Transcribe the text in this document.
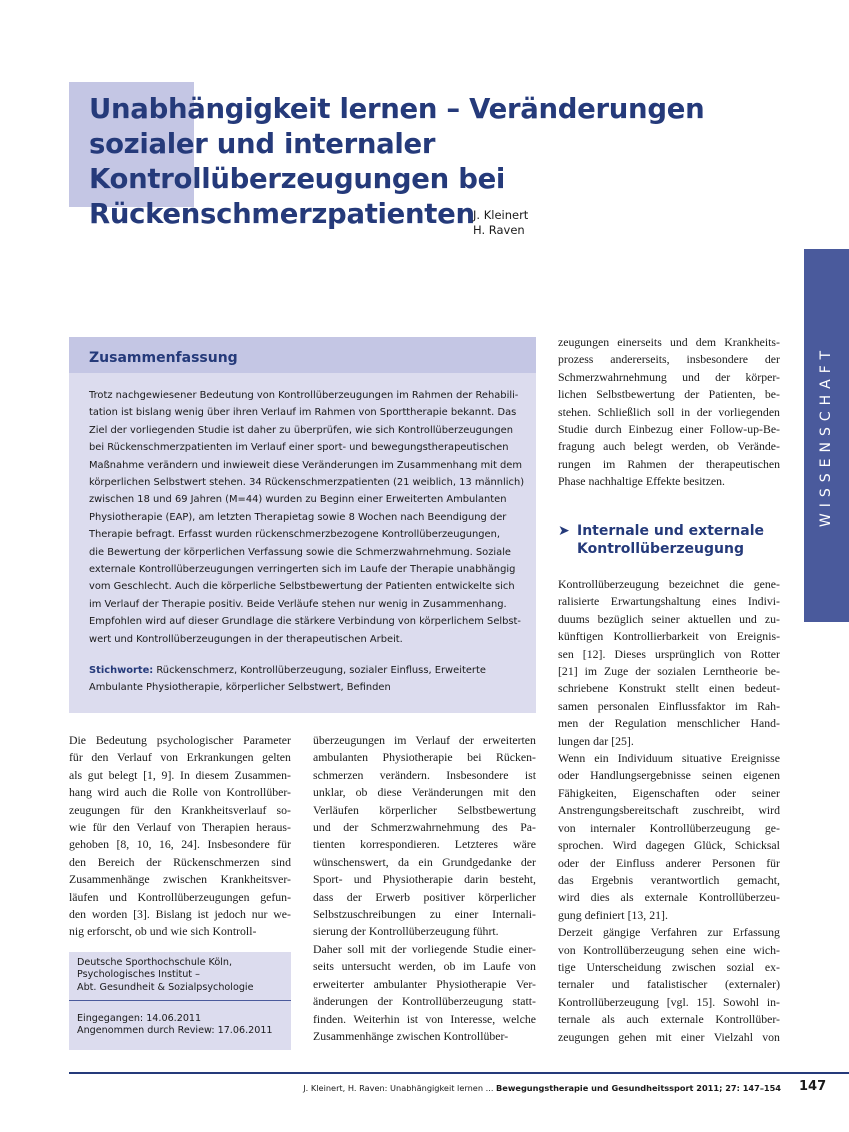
Unabhängigkeit lernen – Veränderungen sozialer und internaler Kontrollüberzeugungen bei Rückenschmerzpatienten
J. Kleinert
H. Raven
WISSENSCHAFT
Zusammenfassung
Trotz nachgewiesener Bedeutung von Kontrollüberzeugungen im Rahmen der Rehabili-
tation ist bislang wenig über ihren Verlauf im Rahmen von Sporttherapie bekannt. Das
Ziel der vorliegenden Studie ist daher zu überprüfen, wie sich Kontrollüberzeugungen
bei Rückenschmerzpatienten im Verlauf einer sport- und bewegungstherapeutischen
Maßnahme verändern und inwieweit diese Veränderungen im Zusammenhang mit dem
körperlichen Selbstwert stehen. 34 Rückenschmerzpatienten (21 weiblich, 13 männlich)
zwischen 18 und 69 Jahren (M=44) wurden zu Beginn einer Erweiterten Ambulanten
Physiotherapie (EAP), am letzten Therapietag sowie 8 Wochen nach Beendigung der
Therapie befragt. Erfasst wurden rückenschmerzbezogene Kontrollüberzeugungen,
die Bewertung der körperlichen Verfassung sowie die Schmerzwahrnehmung. Soziale
externale Kontrollüberzeugungen verringerten sich im Laufe der Therapie unabhängig
vom Geschlecht. Auch die körperliche Selbstbewertung der Patienten entwickelte sich
im Verlauf der Therapie positiv. Beide Verläufe stehen nur wenig in Zusammenhang.
Empfohlen wird auf dieser Grundlage die stärkere Verbindung von körperlichem Selbst-
wert und Kontrollüberzeugungen in der therapeutischen Arbeit.
Stichworte: Rückenschmerz, Kontrollüberzeugung, sozialer Einfluss, Erweiterte
Ambulante Physiotherapie, körperlicher Selbstwert, Befinden
Die Bedeutung psychologischer Parameter
für den Verlauf von Erkrankungen gelten
als gut belegt [1, 9]. In diesem Zusammen-
hang wird auch die Rolle von Kontrollüber-
zeugungen für den Krankheitsverlauf so-
wie für den Verlauf von Therapien heraus-
gehoben [8, 10, 16, 24]. Insbesondere für
den Bereich der Rückenschmerzen sind
Zusammenhänge zwischen Krankheitsver-
läufen und Kontrollüberzeugungen gefun-
den worden [3]. Bislang ist jedoch nur we-
nig erforscht, ob und wie sich Kontroll-
überzeugungen im Verlauf der erweiterten
ambulanten Physiotherapie bei Rücken-
schmerzen verändern. Insbesondere ist
unklar, ob diese Veränderungen mit den
Verläufen körperlicher Selbstbewertung
und der Schmerzwahrnehmung des Pa-
tienten korrespondieren. Letzteres wäre
wünschenswert, da ein Grundgedanke der
Sport- und Physiotherapie darin besteht,
dass der Erwerb positiver körperlicher
Selbstzuschreibungen zu einer Internali-
sierung der Kontrollüberzeugung führt.
Daher soll mit der vorliegende Studie einer-
seits untersucht werden, ob im Laufe von
erweiterter ambulanter Physiotherapie Ver-
änderungen der Kontrollüberzeugung statt-
finden. Weiterhin ist von Interesse, welche
Zusammenhänge zwischen Kontrollüber-
zeugungen einerseits und dem Krankheits-
prozess andererseits, insbesondere der
Schmerzwahrnehmung und der körper-
lichen Selbstbewertung der Patienten, be-
stehen. Schließlich soll in der vorliegenden
Studie durch Einbezug einer Follow-up-Be-
fragung auch belegt werden, ob Verände-
rungen im Rahmen der therapeutischen
Phase nachhaltige Effekte besitzen.
➤ Internale und externale
Kontrollüberzeugung
Kontrollüberzeugung bezeichnet die gene-
ralisierte Erwartungshaltung eines Indivi-
duums bezüglich seiner aktuellen und zu-
künftigen Kontrollierbarkeit von Ereignis-
sen [12]. Dieses ursprünglich von Rotter
[21] im Zuge der sozialen Lerntheorie be-
schriebene Konstrukt stellt einen bedeut-
samen personalen Einflussfaktor im Rah-
men der Regulation menschlicher Hand-
lungen dar [25].
Wenn ein Individuum situative Ereignisse
oder Handlungsergebnisse seinen eigenen
Fähigkeiten, Eigenschaften oder seiner
Anstrengungsbereitschaft zuschreibt, wird
von internaler Kontrollüberzeugung ge-
sprochen. Wird dagegen Glück, Schicksal
oder der Einfluss anderer Personen für
das Ergebnis verantwortlich gemacht,
wird dies als externale Kontrollüberzeu-
gung definiert [13, 21].
Derzeit gängige Verfahren zur Erfassung
von Kontrollüberzeugung sehen eine wich-
tige Unterscheidung zwischen sozial ex-
ternaler und fatalistischer (externaler)
Kontrollüberzeugung [vgl. 15]. Sowohl in-
ternale als auch externale Kontrollüber-
zeugungen gehen mit einer Vielzahl von
Deutsche Sporthochschule Köln,
Psychologisches Institut –
Abt. Gesundheit & Sozialpsychologie
Eingegangen: 14.06.2011
Angenommen durch Review: 17.06.2011
J. Kleinert, H. Raven: Unabhängigkeit lernen ... Bewegungstherapie und Gesundheitssport 2011; 27: 147–154 147
